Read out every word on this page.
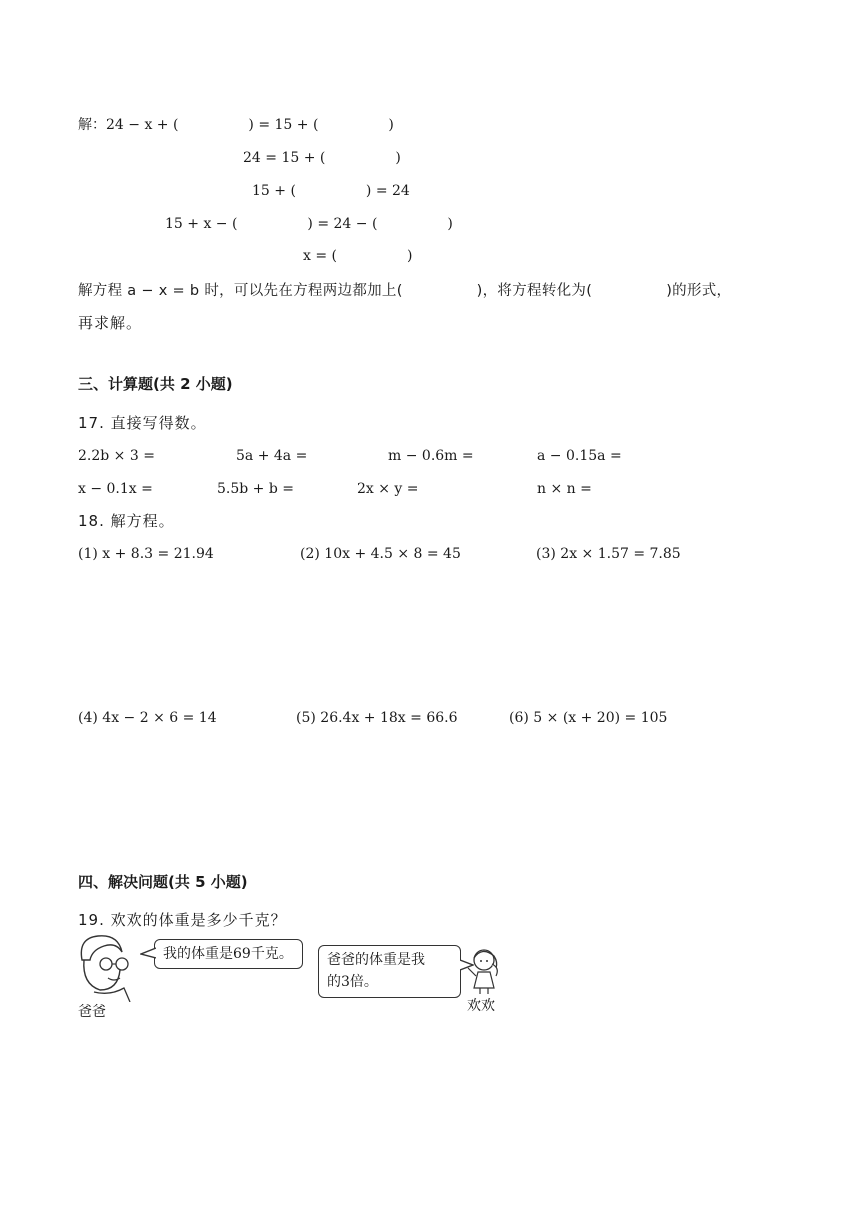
解：24 − x + (　　　　　) = 15 + (　　　　　)
24 = 15 + (　　　　　)
15 + (　　　　　) = 24
15 + x − (　　　　　) = 24 − (　　　　　)
x = (　　　　　)
解方程 a − x = b 时，可以先在方程两边都加上(　　　　　)，将方程转化为(　　　　　)的形式，
再求解。
三、计算题(共 2 小题)
17. 直接写得数。
2.2b × 3 =	5a + 4a =	m − 0.6m =	a − 0.15a =
x − 0.1x =	5.5b + b =	2x × y =	n × n =
18. 解方程。
(1) x + 8.3 = 21.94	(2) 10x + 4.5 × 8 = 45	(3) 2x × 1.57 = 7.85
(4) 4x − 2 × 6 = 14	(5) 26.4x + 18x = 66.6	(6) 5 × (x + 20) = 105
四、解决问题(共 5 小题)
19. 欢欢的体重是多少千克？
爸爸
我的体重是69千克。	爸爸的体重是我
的3倍。
欢欢
